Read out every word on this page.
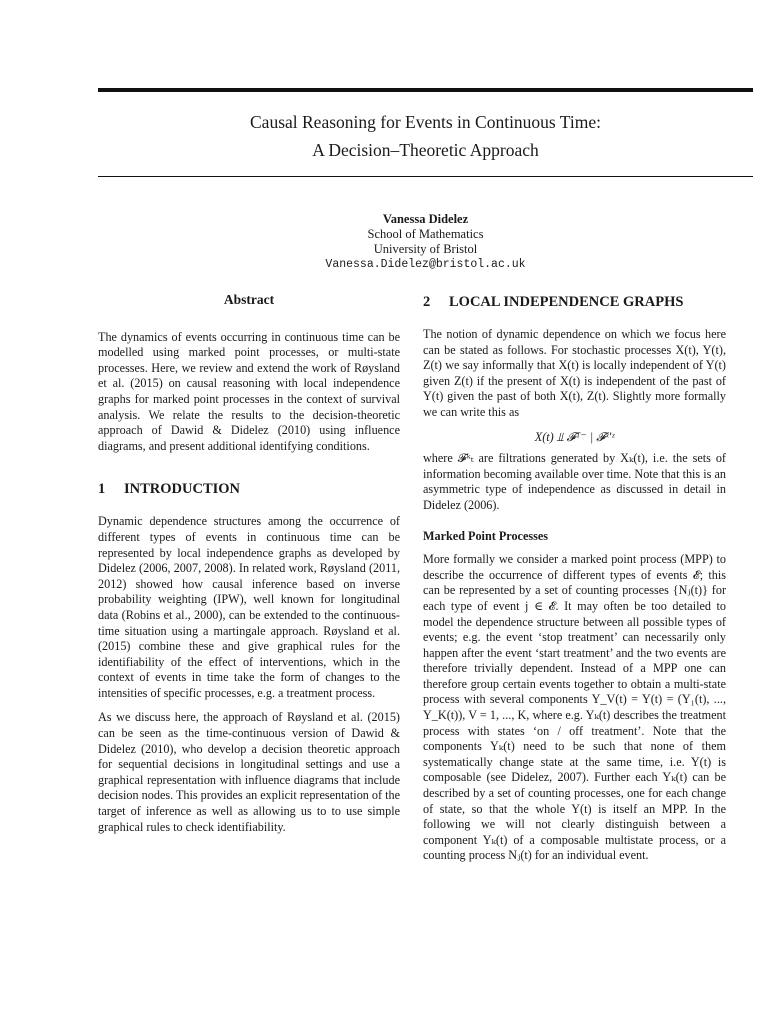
Causal Reasoning for Events in Continuous Time:
A Decision–Theoretic Approach
Vanessa Didelez
School of Mathematics
University of Bristol
Vanessa.Didelez@bristol.ac.uk
Abstract

The dynamics of events occurring in continuous time can be modelled using marked point processes, or multi-state processes. Here, we review and extend the work of Røysland et al. (2015) on causal reasoning with local independence graphs for marked point processes in the context of survival analysis. We relate the results to the decision-theoretic approach of Dawid & Didelez (2010) using influence diagrams, and present additional identifying conditions.

1	INTRODUCTION

Dynamic dependence structures among the occurrence of different types of events in continuous time can be represented by local independence graphs as developed by Didelez (2006, 2007, 2008). In related work, Røysland (2011, 2012) showed how causal inference based on inverse probability weighting (IPW), well known for longitudinal data (Robins et al., 2000), can be extended to the continuous-time situation using a martingale approach. Røysland et al. (2015) combine these and give graphical rules for the identifiability of the effect of interventions, which in the context of events in time take the form of changes to the intensities of specific processes, e.g. a treatment process.

As we discuss here, the approach of Røysland et al. (2015) can be seen as the time-continuous version of Dawid & Didelez (2010), who develop a decision theoretic approach for sequential decisions in longitudinal settings and use a graphical representation with influence diagrams that include decision nodes. This provides an explicit representation of the target of inference as well as allowing us to to use simple graphical rules to check identifiability.

2	LOCAL INDEPENDENCE GRAPHS

The notion of dynamic dependence on which we focus here can be stated as follows. For stochastic processes X(t), Y(t), Z(t) we say informally that X(t) is locally independent of Y(t) given Z(t) if the present of X(t) is independent of the past of Y(t) given the past of both X(t), Z(t). Slightly more formally we can write this as

X(t) ⫫ 𝓕ᵀ⁻ | 𝓕ˣ'ᶻ

where 𝓕ᵏₜ are filtrations generated by Xₖ(t), i.e. the sets of information becoming available over time. Note that this is an asymmetric type of independence as discussed in detail in Didelez (2006).

Marked Point Processes

More formally we consider a marked point process (MPP) to describe the occurrence of different types of events 𝓔; this can be represented by a set of counting processes {Nⱼ(t)} for each type of event j ∈ 𝓔. It may often be too detailed to model the dependence structure between all possible types of events; e.g. the event ‘stop treatment’ can necessarily only happen after the event ‘start treatment’ and the two events are therefore trivially dependent. Instead of a MPP one can therefore group certain events together to obtain a multi-state process with several components Y_V(t) = Y(t) = (Y₁(t), ..., Y_K(t)), V = 1, ..., K, where e.g. Yₖ(t) describes the treatment process with states ‘on / off treatment’. Note that the components Yₖ(t) need to be such that none of them systematically change state at the same time, i.e. Y(t) is composable (see Didelez, 2007). Further each Yₖ(t) can be described by a set of counting processes, one for each change of state, so that the whole Y(t) is itself an MPP. In the following we will not clearly distinguish between a component Yₖ(t) of a composable multistate process, or a counting process Nⱼ(t) for an individual event.
